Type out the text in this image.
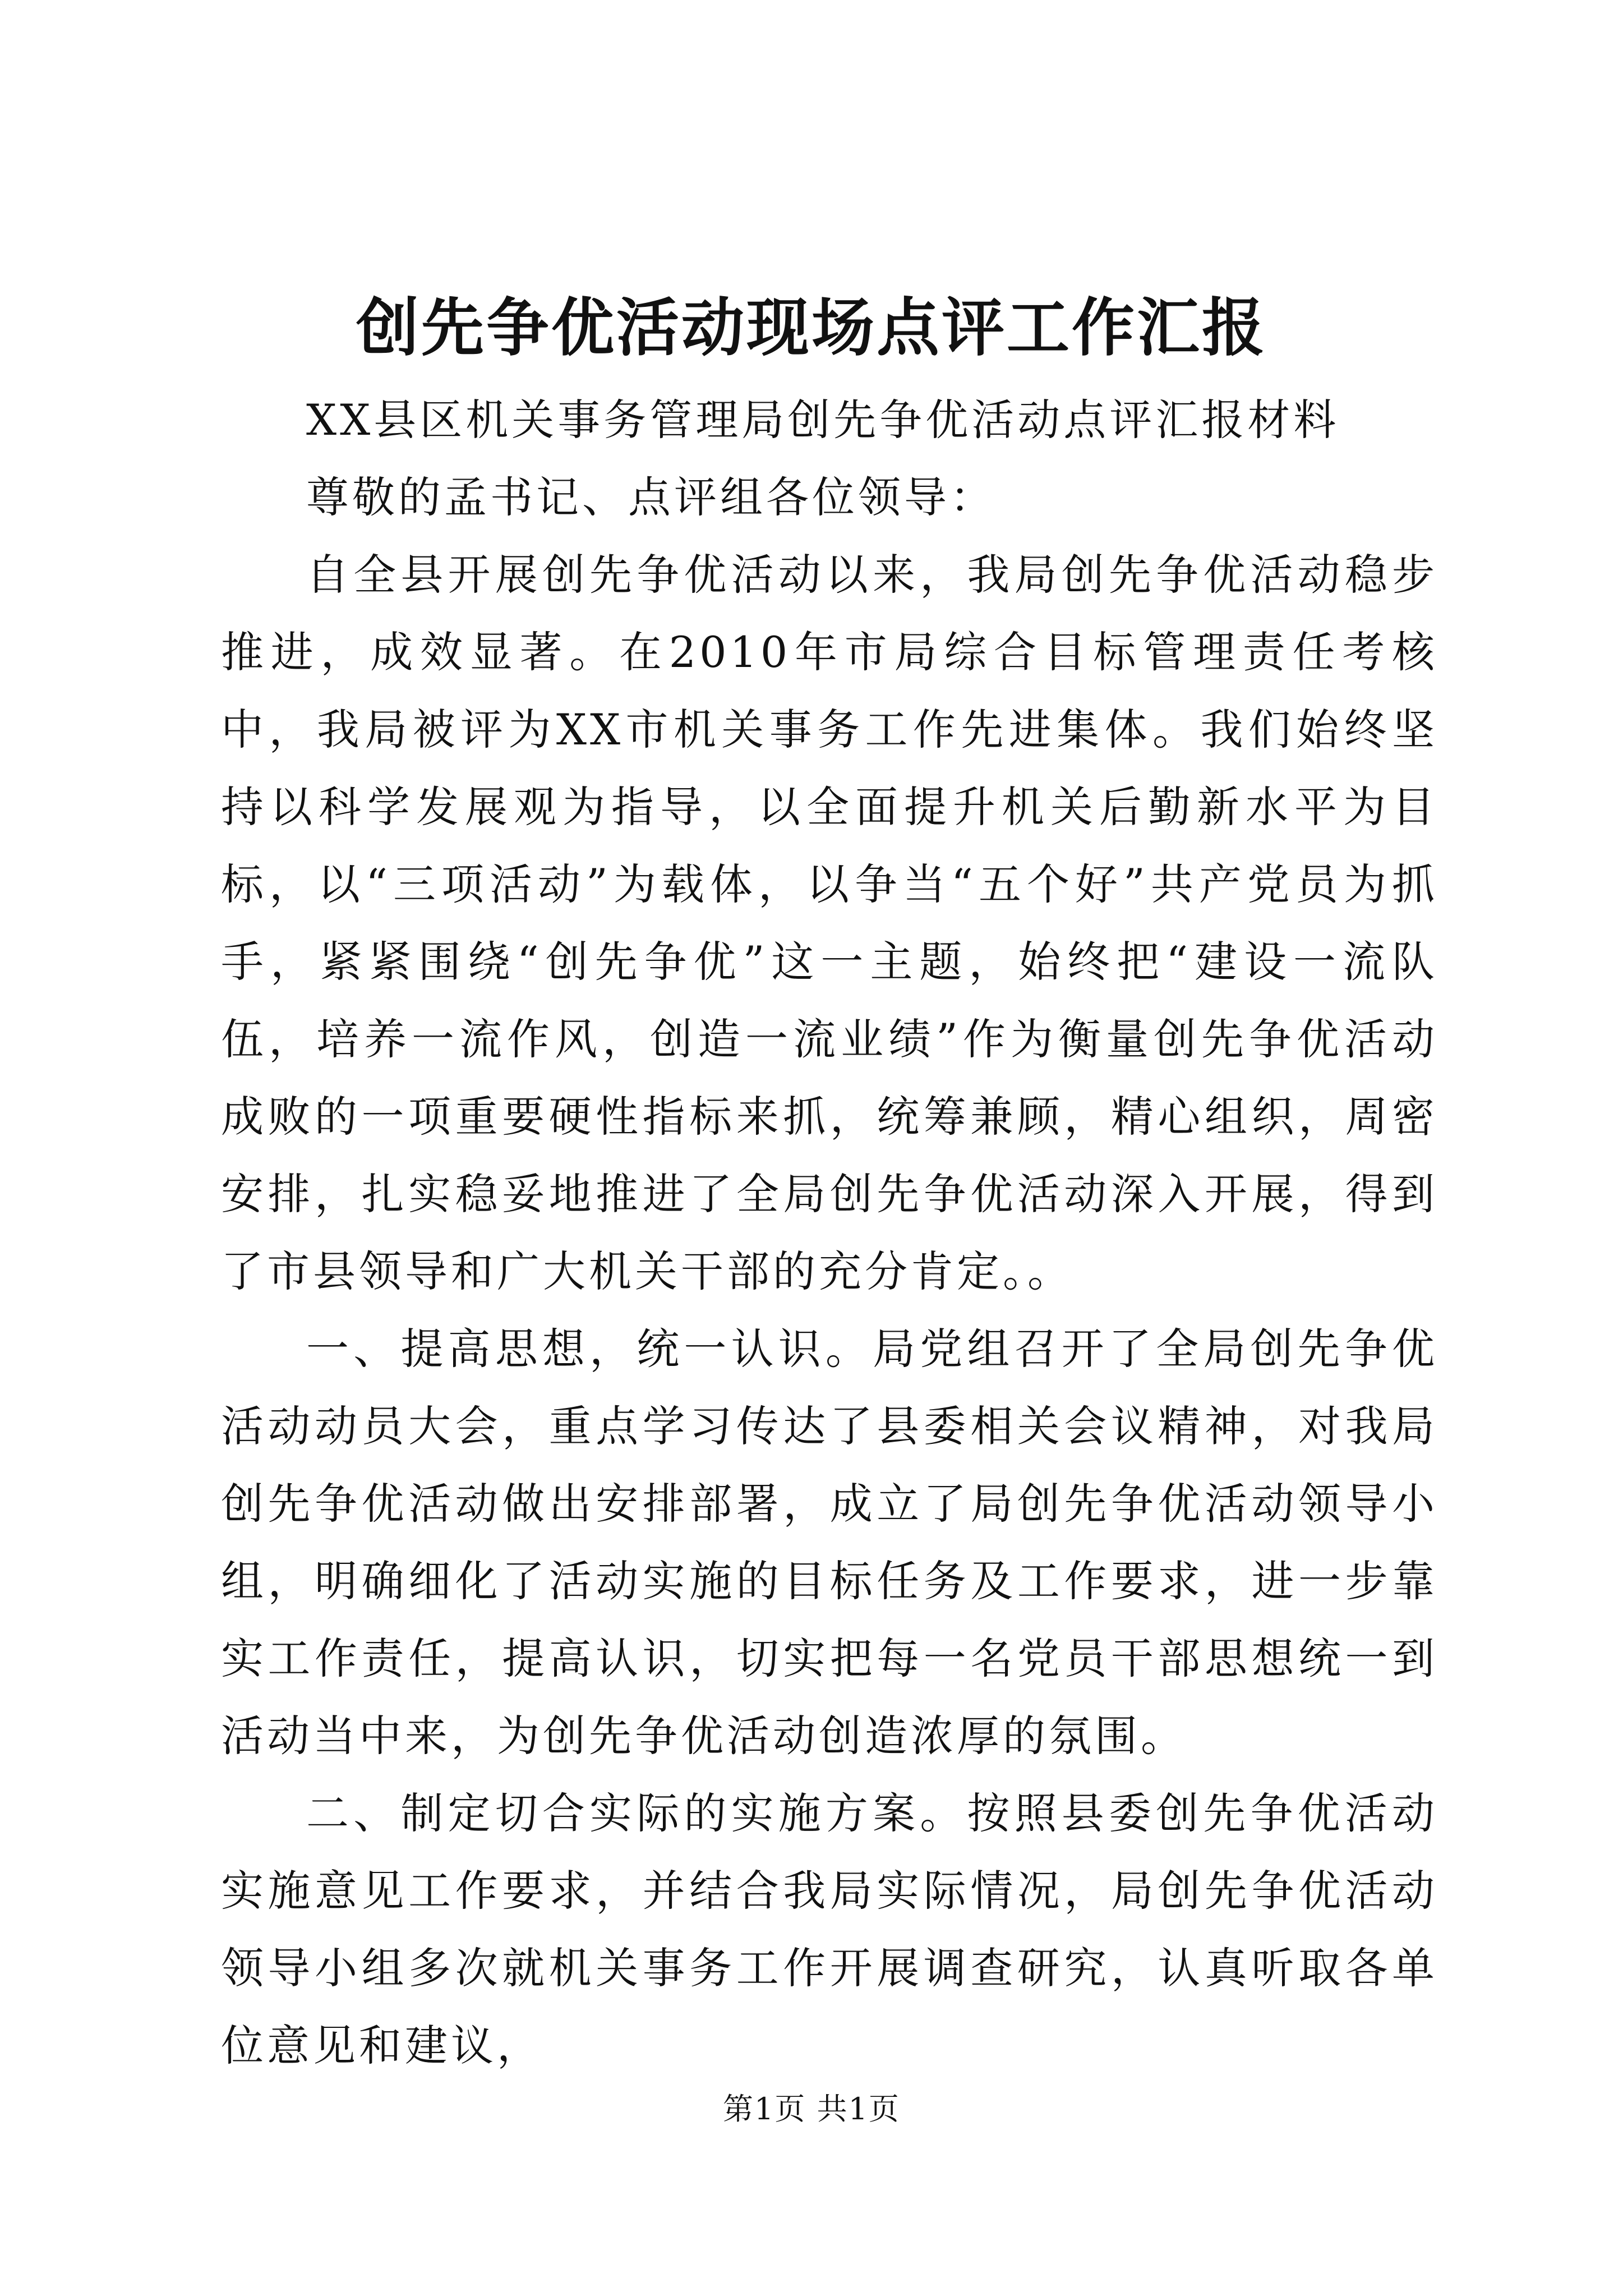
创先争优活动现场点评工作汇报

XX县区机关事务管理局创先争优活动点评汇报材料

尊敬的孟书记、点评组各位领导：

自全县开展创先争优活动以来，我局创先争优活动稳步推进，成效显著。在2010年市局综合目标管理责任考核中，我局被评为XX市机关事务工作先进集体。我们始终坚持以科学发展观为指导，以全面提升机关后勤新水平为目标，以“三项活动”为载体，以争当“五个好”共产党员为抓手，紧紧围绕“创先争优”这一主题，始终把“建设一流队伍，培养一流作风，创造一流业绩”作为衡量创先争优活动成败的一项重要硬性指标来抓，统筹兼顾，精心组织，周密安排，扎实稳妥地推进了全局创先争优活动深入开展，得到了市县领导和广大机关干部的充分肯定。。

一、提高思想，统一认识。局党组召开了全局创先争优活动动员大会，重点学习传达了县委相关会议精神，对我局创先争优活动做出安排部署，成立了局创先争优活动领导小组，明确细化了活动实施的目标任务及工作要求，进一步靠实工作责任，提高认识，切实把每一名党员干部思想统一到活动当中来，为创先争优活动创造浓厚的氛围。

二、制定切合实际的实施方案。按照县委创先争优活动实施意见工作要求，并结合我局实际情况，局创先争优活动领导小组多次就机关事务工作开展调查研究，认真听取各单位意见和建议，

第1页 共1页
